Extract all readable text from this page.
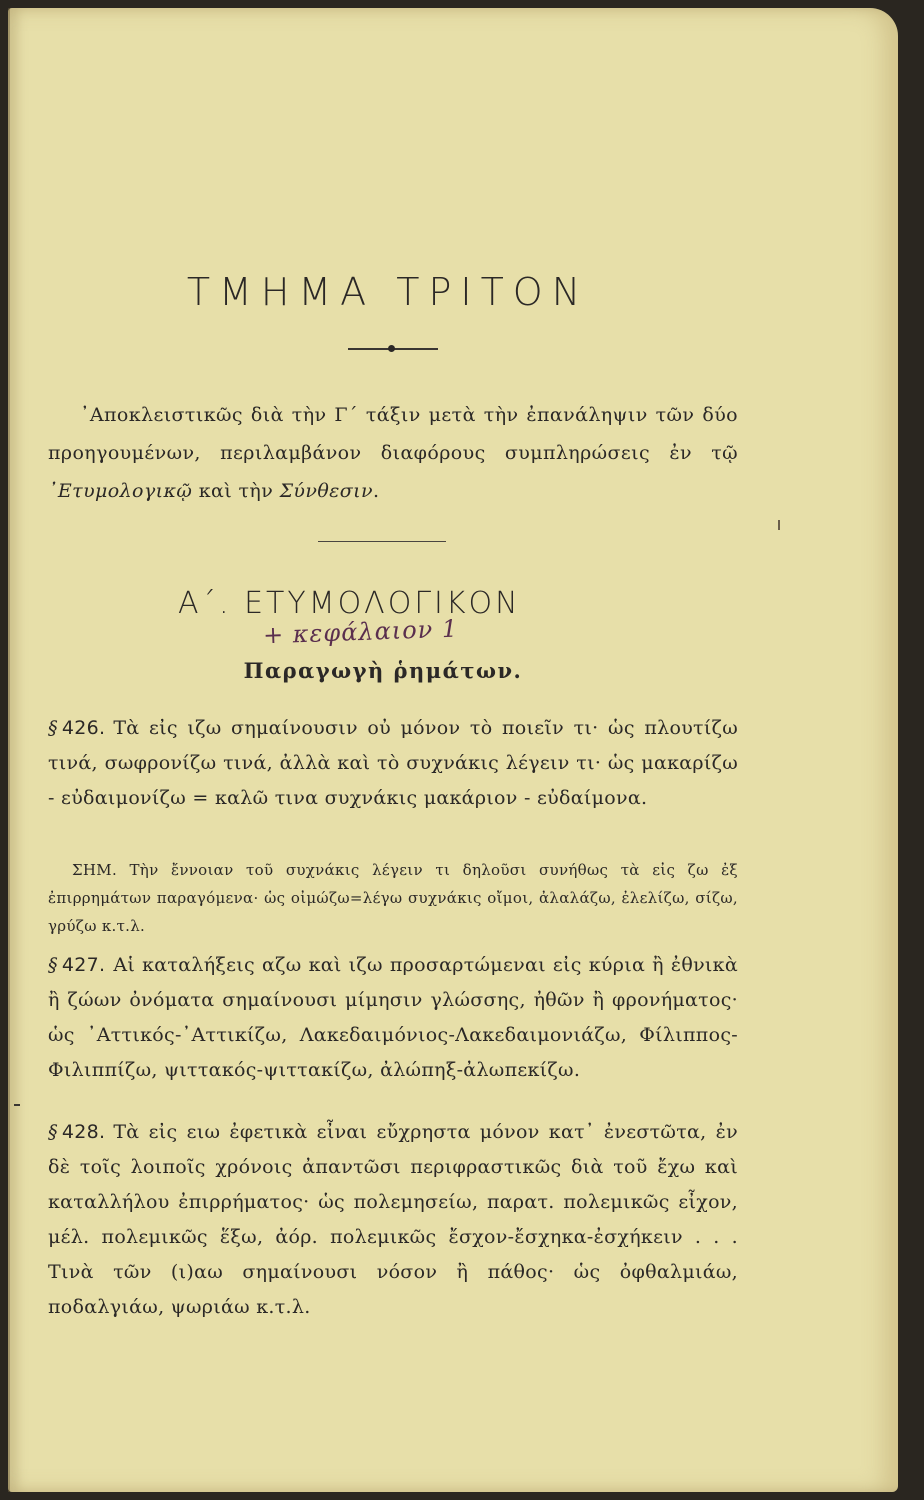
ΤΜΗΜΑ ΤΡΙΤΟΝ
᾿Αποκλειστικῶς διὰ τὴν Γ΄ τάξιν μετὰ τὴν ἐπανάληψιν τῶν δύο προηγουμένων, περιλαμβάνον διαφόρους συμπληρώσεις ἐν τῷ ᾿Ετυμολογικῷ καὶ τὴν Σύνθεσιν.
Α΄. ΕΤΥΜΟΛΟΓΙΚΟΝ
+ κεφάλαιον 1
Παραγωγὴ ῥημάτων.
§ 426. Τὰ εἰς ιζω σημαίνουσιν οὐ μόνον τὸ ποιεῖν τι· ὡς πλουτίζω τινά, σωφρονίζω τινά, ἀλλὰ καὶ τὸ συχνάκις λέγειν τι· ὡς μακαρίζω - εὐδαιμονίζω = καλῶ τινα συχνάκις μακάριον - εὐδαίμονα.
ΣΗΜ. Τὴν ἔννοιαν τοῦ συχνάκις λέγειν τι δηλοῦσι συνήθως τὰ εἰς ζω ἐξ ἐπιρρημάτων παραγόμενα· ὡς οἰμώζω=λέγω συχνάκις οἴμοι, ἀλαλάζω, ἐλελίζω, σίζω, γρύζω κ.τ.λ.
§ 427. Αἱ καταλήξεις αζω καὶ ιζω προσαρτώμεναι εἰς κύρια ἢ ἐθνικὰ ἢ ζώων ὀνόματα σημαίνουσι μίμησιν γλώσσης, ἠθῶν ἢ φρονήματος· ὡς ᾿Αττικός-᾿Αττικίζω, Λακεδαιμόνιος-Λακεδαιμονιάζω, Φίλιππος-Φιλιππίζω, ψιττακός-ψιττακίζω, ἀλώπηξ-ἀλωπεκίζω.
§ 428. Τὰ εἰς ειω ἐφετικὰ εἶναι εὔχρηστα μόνον κατ᾿ ἐνεστῶτα, ἐν δὲ τοῖς λοιποῖς χρόνοις ἀπαντῶσι περιφραστικῶς διὰ τοῦ ἔχω καὶ καταλλήλου ἐπιρρήματος· ὡς πολεμησείω, παρατ. πολεμικῶς εἶχον, μέλ. πολεμικῶς ἕξω, ἀόρ. πολεμικῶς ἔσχον-ἔσχηκα-ἐσχήκειν . . . Τινὰ τῶν (ι)αω σημαίνουσι νόσον ἢ πάθος· ὡς ὀφθαλμιάω, ποδαλγιάω, ψωριάω κ.τ.λ.
